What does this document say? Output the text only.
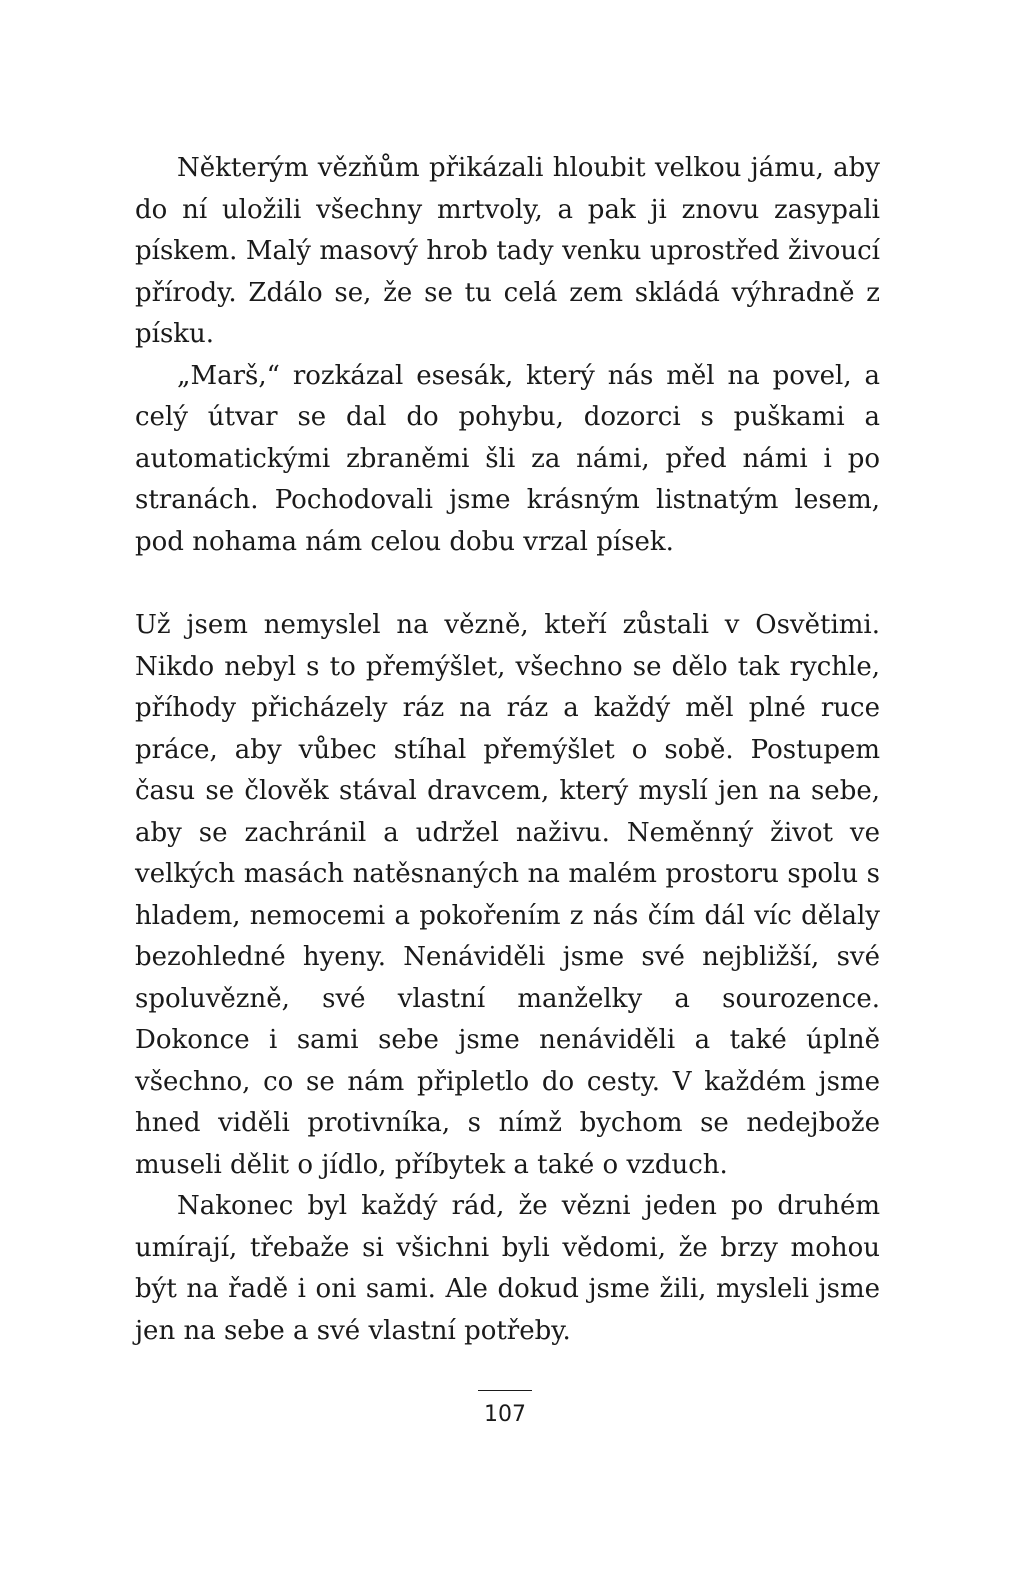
Některým vězňům přikázali hloubit velkou jámu, aby do ní uložili všechny mrtvoly, a pak ji znovu zasypali pískem. Malý masový hrob tady venku uprostřed živoucí přírody. Zdálo se, že se tu celá zem skládá výhradně z písku.

„Marš,“ rozkázal esesák, který nás měl na povel, a celý útvar se dal do pohybu, dozorci s puškami a automatickými zbraněmi šli za námi, před námi i po stranách. Pochodovali jsme krásným listnatým lesem, pod nohama nám celou dobu vrzal písek.

Už jsem nemyslel na vězně, kteří zůstali v Osvětimi. Nikdo nebyl s to přemýšlet, všechno se dělo tak rychle, příhody přicházely ráz na ráz a každý měl plné ruce práce, aby vůbec stíhal přemýšlet o sobě. Postupem času se člověk stával dravcem, který myslí jen na sebe, aby se zachránil a udržel naživu. Neměnný život ve velkých masách natěsnaných na malém prostoru spolu s hladem, nemocemi a pokořením z nás čím dál víc dělaly bezohledné hyeny. Nenáviděli jsme své nejbližší, své spoluvězně, své vlastní manželky a sourozence. Dokonce i sami sebe jsme nenáviděli a také úplně všechno, co se nám připletlo do cesty. V každém jsme hned viděli protivníka, s nímž bychom se nedejbože museli dělit o jídlo, příbytek a také o vzduch.

Nakonec byl každý rád, že vězni jeden po druhém umírají, třebaže si všichni byli vědomi, že brzy mohou být na řadě i oni sami. Ale dokud jsme žili, mysleli jsme jen na sebe a své vlastní potřeby.

107
